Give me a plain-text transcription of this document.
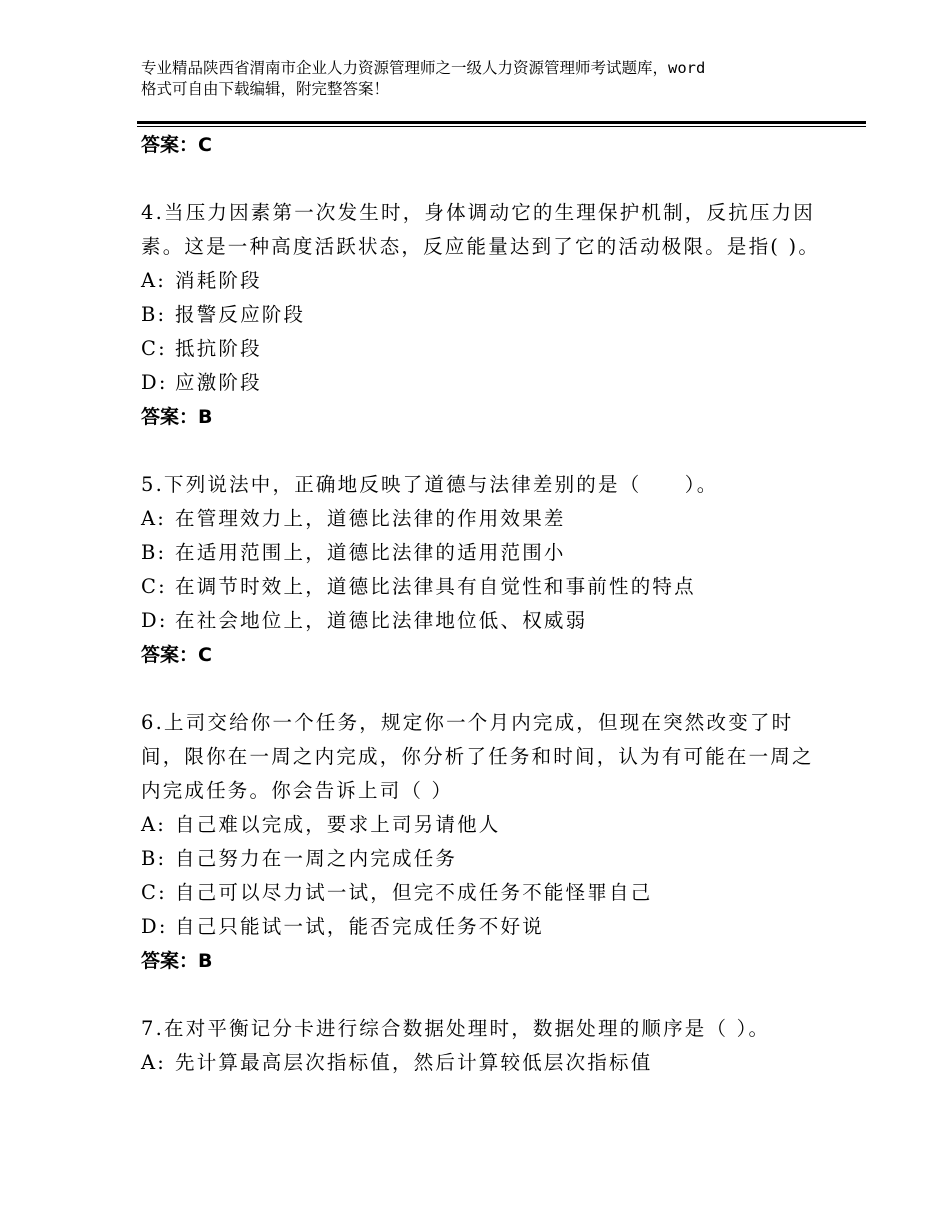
专业精品陕西省渭南市企业人力资源管理师之一级人力资源管理师考试题库，word
格式可自由下载编辑，附完整答案！
答案：C
4.当压力因素第一次发生时，身体调动它的生理保护机制，反抗压力因素。这是一种高度活跃状态，反应能量达到了它的活动极限。是指( )。
A: 消耗阶段
B: 报警反应阶段
C: 抵抗阶段
D: 应激阶段
答案：B
5.下列说法中，正确地反映了道德与法律差别的是（　　）。
A: 在管理效力上，道德比法律的作用效果差
B: 在适用范围上，道德比法律的适用范围小
C: 在调节时效上，道德比法律具有自觉性和事前性的特点
D: 在社会地位上，道德比法律地位低、权威弱
答案：C
6.上司交给你一个任务，规定你一个月内完成，但现在突然改变了时间，限你在一周之内完成，你分析了任务和时间，认为有可能在一周之内完成任务。你会告诉上司（ ）
A: 自己难以完成，要求上司另请他人
B: 自己努力在一周之内完成任务
C: 自己可以尽力试一试，但完不成任务不能怪罪自己
D: 自己只能试一试，能否完成任务不好说
答案：B
7.在对平衡记分卡进行综合数据处理时，数据处理的顺序是（ ）。
A: 先计算最高层次指标值，然后计算较低层次指标值
